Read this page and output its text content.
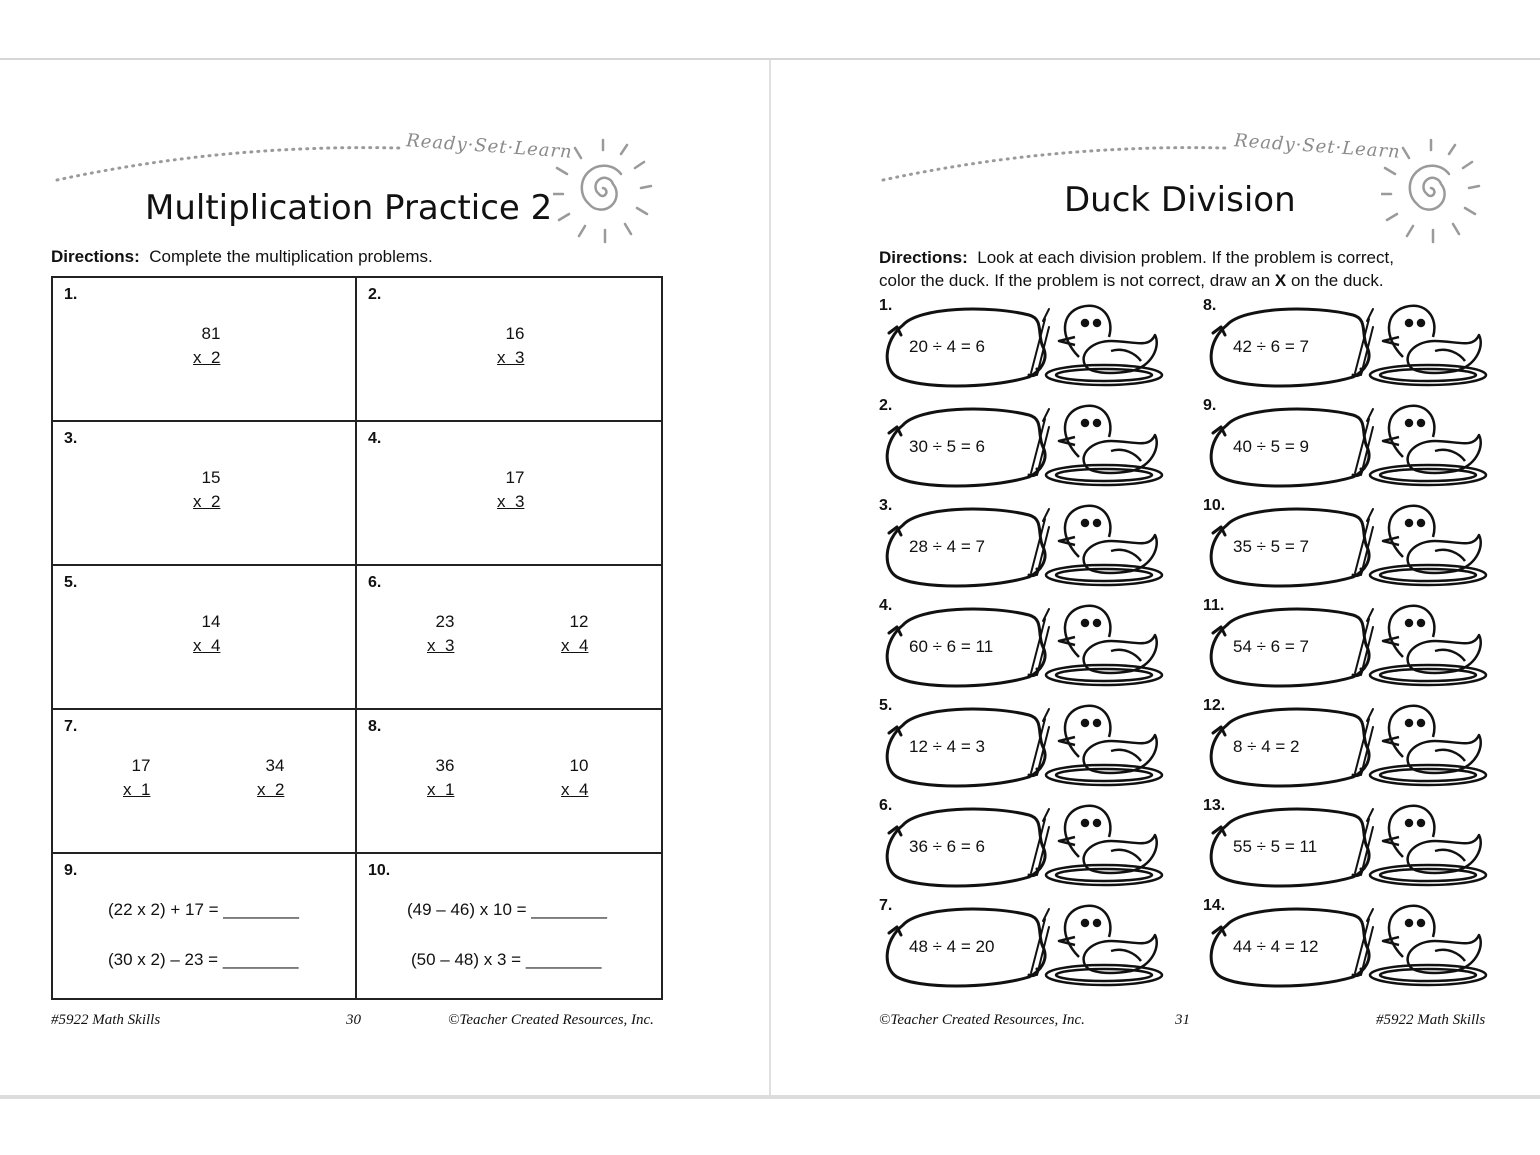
Ready·Set·Learn
Multiplication Practice 2
Directions: Complete the multiplication problems.
1.
81
x  2
2.
16
x  3
3.
15
x  2
4.
17
x  3
5.
14
x  4
6.
23
x  3
12
x  4
7.
17
x  1
34
x  2
8.
36
x  1
10
x  4
9.
(22 x 2) + 17 = ________
(30 x 2) – 23 = ________
10.
(49 – 46) x 10 = ________
(50 – 48) x 3 = ________
#5922 Math Skills	30	©Teacher Created Resources, Inc.
Ready·Set·Learn
Duck Division
Directions: Look at each division problem. If the problem is correct,
color the duck. If the problem is not correct, draw an X on the duck.
1.
20 ÷ 4 = 6
2.
30 ÷ 5 = 6
3.
28 ÷ 4 = 7
4.
60 ÷ 6 = 11
5.
12 ÷ 4 = 3
6.
36 ÷ 6 = 6
7.
48 ÷ 4 = 20
8.
42 ÷ 6 = 7
9.
40 ÷ 5 = 9
10.
35 ÷ 5 = 7
11.
54 ÷ 6 = 7
12.
8 ÷ 4 = 2
13.
55 ÷ 5 = 11
14.
44 ÷ 4 = 12
©Teacher Created Resources, Inc.	31	#5922 Math Skills
